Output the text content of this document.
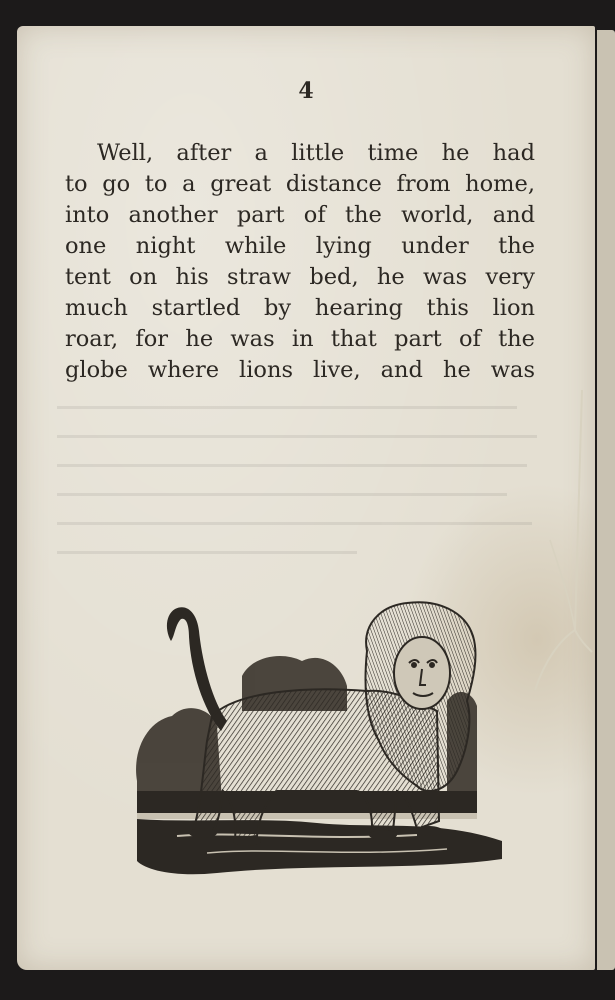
4

Well, after a little time he had
to go to a great distance from home,
into another part of the world, and
one night while lying under the
tent on his straw bed, he was very
much startled by hearing this lion
roar, for he was in that part of the
globe where lions live, and he was
